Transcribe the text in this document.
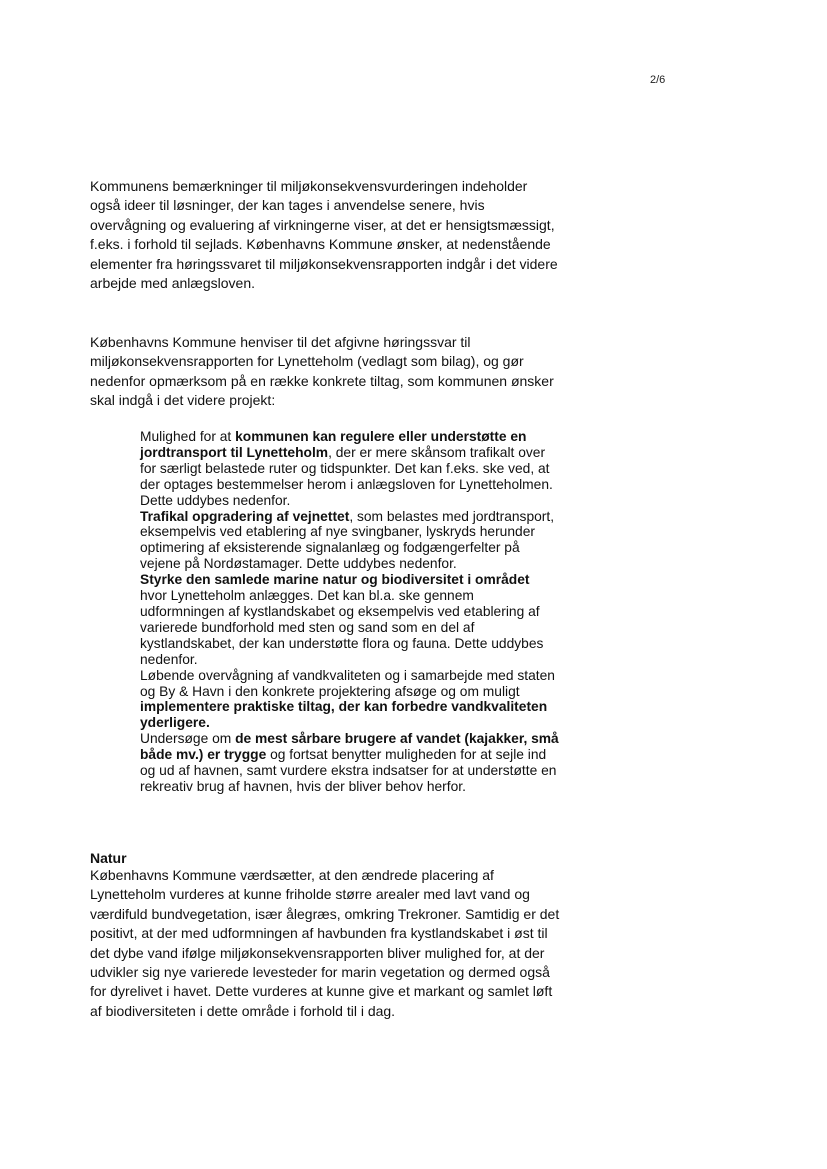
2/6

Kommunens bemærkninger til miljøkonsekvensvurderingen indeholder også ideer til løsninger, der kan tages i anvendelse senere, hvis overvågning og evaluering af virkningerne viser, at det er hensigtsmæssigt, f.eks. i forhold til sejlads. Københavns Kommune ønsker, at nedenstående elementer fra høringssvaret til miljøkonsekvensrapporten indgår i det videre arbejde med anlægsloven.

Københavns Kommune henviser til det afgivne høringssvar til miljøkonsekvensrapporten for Lynetteholm (vedlagt som bilag), og gør nedenfor opmærksom på en række konkrete tiltag, som kommunen ønsker skal indgå i det videre projekt:

Mulighed for at kommunen kan regulere eller understøtte en jordtransport til Lynetteholm, der er mere skånsom trafikalt over for særligt belastede ruter og tidspunkter. Det kan f.eks. ske ved, at der optages bestemmelser herom i anlægsloven for Lynetteholmen. Dette uddybes nedenfor.

Trafikal opgradering af vejnettet, som belastes med jordtransport, eksempelvis ved etablering af nye svingbaner, lyskryds herunder optimering af eksisterende signalanlæg og fodgængerfelter på vejene på Nordøstamager. Dette uddybes nedenfor.

Styrke den samlede marine natur og biodiversitet i området hvor Lynetteholm anlægges. Det kan bl.a. ske gennem udformningen af kystlandskabet og eksempelvis ved etablering af varierede bundforhold med sten og sand som en del af kystlandskabet, der kan understøtte flora og fauna. Dette uddybes nedenfor.

Løbende overvågning af vandkvaliteten og i samarbejde med staten og By & Havn i den konkrete projektering afsøge og om muligt implementere praktiske tiltag, der kan forbedre vandkvaliteten yderligere.

Undersøge om de mest sårbare brugere af vandet (kajakker, små både mv.) er trygge og fortsat benytter muligheden for at sejle ind og ud af havnen, samt vurdere ekstra indsatser for at understøtte en rekreativ brug af havnen, hvis der bliver behov herfor.

Natur

Københavns Kommune værdsætter, at den ændrede placering af Lynetteholm vurderes at kunne friholde større arealer med lavt vand og værdifuld bundvegetation, især ålegræs, omkring Trekroner. Samtidig er det positivt, at der med udformningen af havbunden fra kystlandskabet i øst til det dybe vand ifølge miljøkonsekvensrapporten bliver mulighed for, at der udvikler sig nye varierede levesteder for marin vegetation og dermed også for dyrelivet i havet. Dette vurderes at kunne give et markant og samlet løft af biodiversiteten i dette område i forhold til i dag.
